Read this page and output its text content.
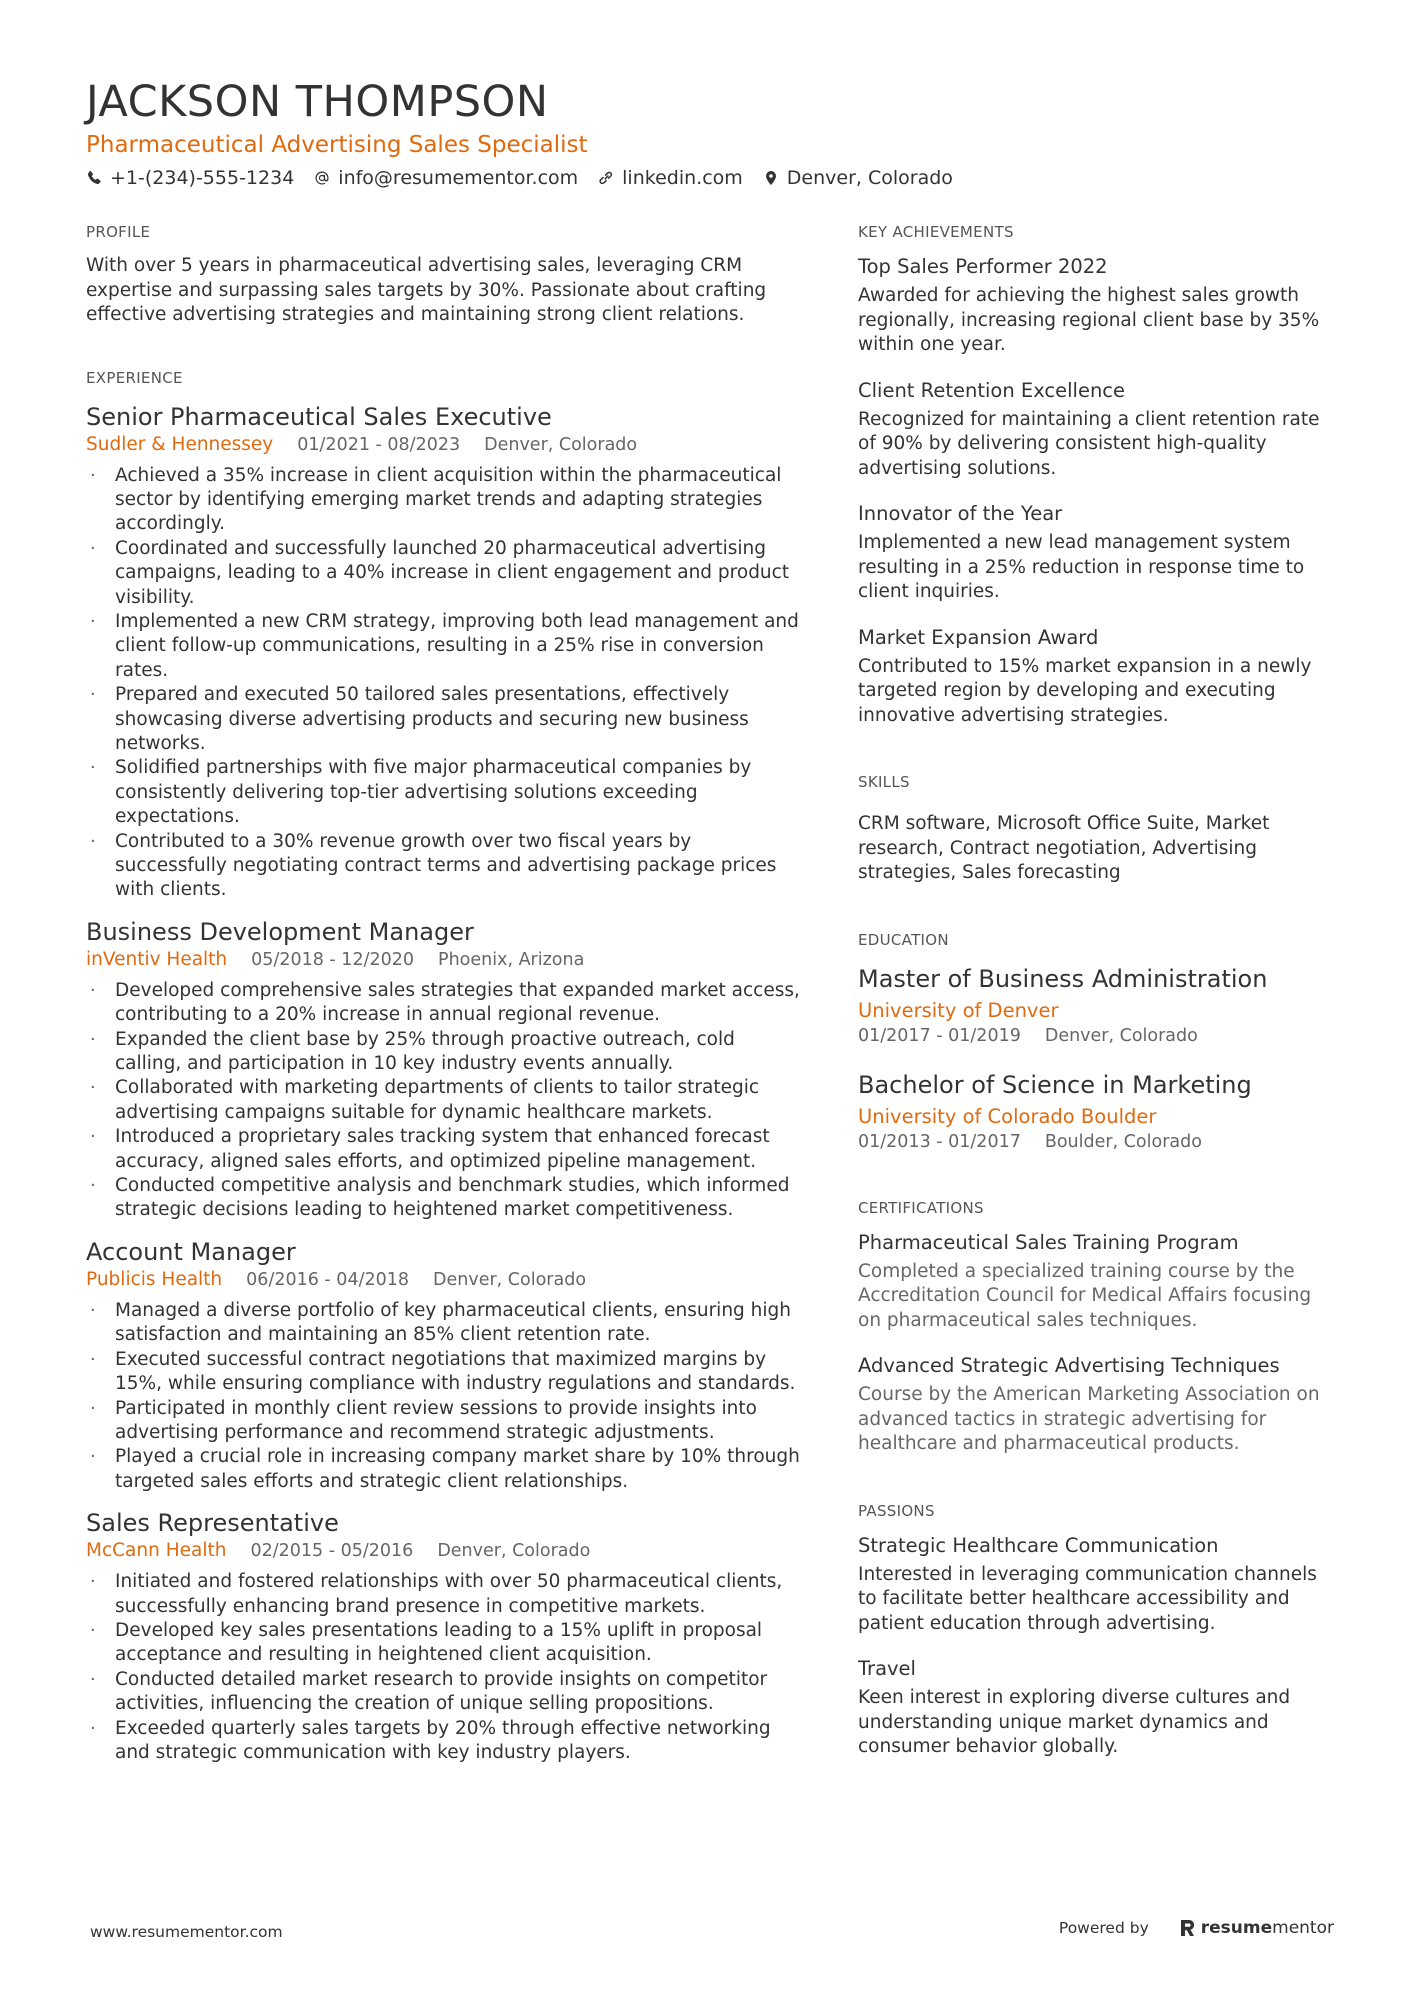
JACKSON THOMPSON
Pharmaceutical Advertising Sales Specialist
+1-(234)-555-1234 info@resumementor.com linkedin.com Denver, Colorado
PROFILE
With over 5 years in pharmaceutical advertising sales, leveraging CRM expertise and surpassing sales targets by 30%. Passionate about crafting effective advertising strategies and maintaining strong client relations.
EXPERIENCE
Senior Pharmaceutical Sales Executive
Sudler & Hennessey 01/2021 - 08/2023 Denver, Colorado
· Achieved a 35% increase in client acquisition within the pharmaceutical sector by identifying emerging market trends and adapting strategies accordingly.
· Coordinated and successfully launched 20 pharmaceutical advertising campaigns, leading to a 40% increase in client engagement and product visibility.
· Implemented a new CRM strategy, improving both lead management and client follow-up communications, resulting in a 25% rise in conversion rates.
· Prepared and executed 50 tailored sales presentations, effectively showcasing diverse advertising products and securing new business networks.
· Solidified partnerships with five major pharmaceutical companies by consistently delivering top-tier advertising solutions exceeding expectations.
· Contributed to a 30% revenue growth over two fiscal years by successfully negotiating contract terms and advertising package prices with clients.
Business Development Manager
inVentiv Health 05/2018 - 12/2020 Phoenix, Arizona
· Developed comprehensive sales strategies that expanded market access, contributing to a 20% increase in annual regional revenue.
· Expanded the client base by 25% through proactive outreach, cold calling, and participation in 10 key industry events annually.
· Collaborated with marketing departments of clients to tailor strategic advertising campaigns suitable for dynamic healthcare markets.
· Introduced a proprietary sales tracking system that enhanced forecast accuracy, aligned sales efforts, and optimized pipeline management.
· Conducted competitive analysis and benchmark studies, which informed strategic decisions leading to heightened market competitiveness.
Account Manager
Publicis Health 06/2016 - 04/2018 Denver, Colorado
· Managed a diverse portfolio of key pharmaceutical clients, ensuring high satisfaction and maintaining an 85% client retention rate.
· Executed successful contract negotiations that maximized margins by 15%, while ensuring compliance with industry regulations and standards.
· Participated in monthly client review sessions to provide insights into advertising performance and recommend strategic adjustments.
· Played a crucial role in increasing company market share by 10% through targeted sales efforts and strategic client relationships.
Sales Representative
McCann Health 02/2015 - 05/2016 Denver, Colorado
· Initiated and fostered relationships with over 50 pharmaceutical clients, successfully enhancing brand presence in competitive markets.
· Developed key sales presentations leading to a 15% uplift in proposal acceptance and resulting in heightened client acquisition.
· Conducted detailed market research to provide insights on competitor activities, influencing the creation of unique selling propositions.
· Exceeded quarterly sales targets by 20% through effective networking and strategic communication with key industry players.
KEY ACHIEVEMENTS
Top Sales Performer 2022
Awarded for achieving the highest sales growth regionally, increasing regional client base by 35% within one year.
Client Retention Excellence
Recognized for maintaining a client retention rate of 90% by delivering consistent high-quality advertising solutions.
Innovator of the Year
Implemented a new lead management system resulting in a 25% reduction in response time to client inquiries.
Market Expansion Award
Contributed to 15% market expansion in a newly targeted region by developing and executing innovative advertising strategies.
SKILLS
CRM software, Microsoft Office Suite, Market research, Contract negotiation, Advertising strategies, Sales forecasting
EDUCATION
Master of Business Administration
University of Denver
01/2017 - 01/2019 Denver, Colorado
Bachelor of Science in Marketing
University of Colorado Boulder
01/2013 - 01/2017 Boulder, Colorado
CERTIFICATIONS
Pharmaceutical Sales Training Program
Completed a specialized training course by the Accreditation Council for Medical Affairs focusing on pharmaceutical sales techniques.
Advanced Strategic Advertising Techniques
Course by the American Marketing Association on advanced tactics in strategic advertising for healthcare and pharmaceutical products.
PASSIONS
Strategic Healthcare Communication
Interested in leveraging communication channels to facilitate better healthcare accessibility and patient education through advertising.
Travel
Keen interest in exploring diverse cultures and understanding unique market dynamics and consumer behavior globally.
www.resumementor.com	Powered by	resume mentor
